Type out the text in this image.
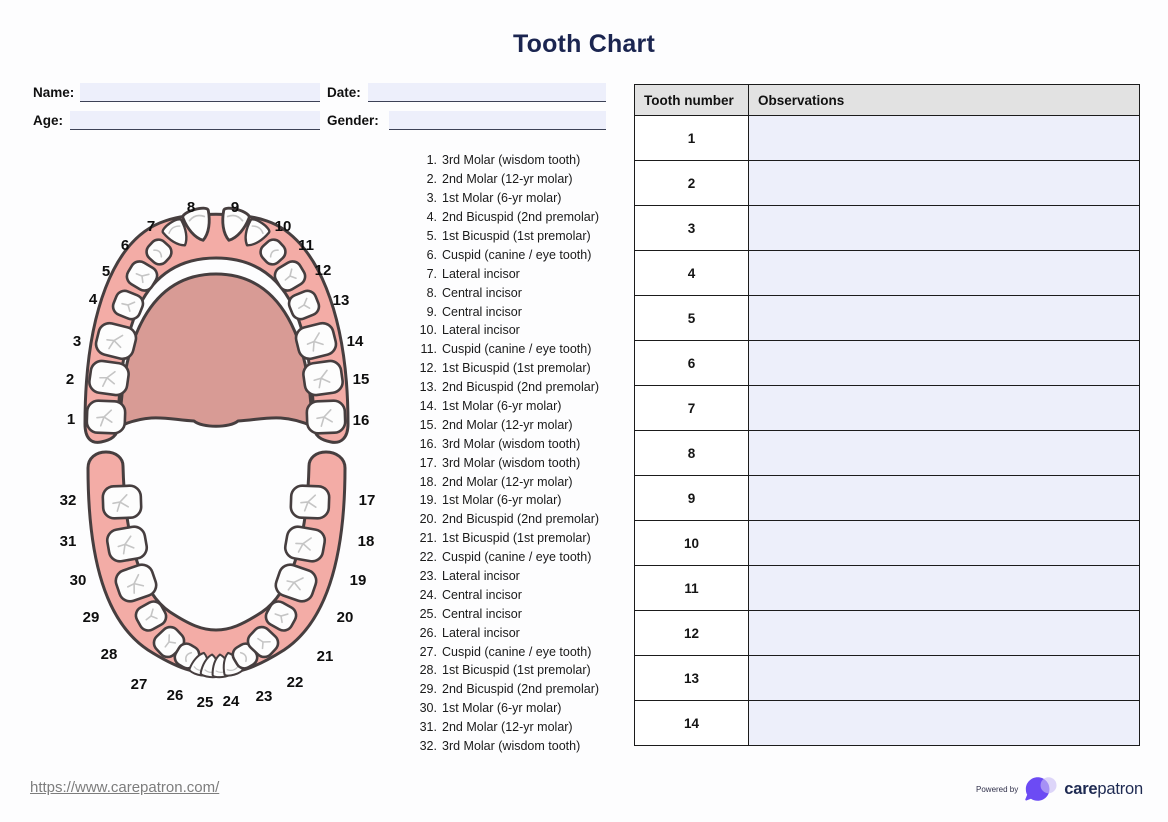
Tooth Chart
Name:	Date:
Age:	Gender:
1
2
3
4
5
6
7
8 9
10
11
12
13
14
15
16
17
18
19
20
21
22
23
24
25
26
27
28
29
30
31
32
1. 3rd Molar (wisdom tooth)
2. 2nd Molar (12-yr molar)
3. 1st Molar (6-yr molar)
4. 2nd Bicuspid (2nd premolar)
5. 1st Bicuspid (1st premolar)
6. Cuspid (canine / eye tooth)
7. Lateral incisor
8. Central incisor
9. Central incisor
10. Lateral incisor
11. Cuspid (canine / eye tooth)
12. 1st Bicuspid (1st premolar)
13. 2nd Bicuspid (2nd premolar)
14. 1st Molar (6-yr molar)
15. 2nd Molar (12-yr molar)
16. 3rd Molar (wisdom tooth)
17. 3rd Molar (wisdom tooth)
18. 2nd Molar (12-yr molar)
19. 1st Molar (6-yr molar)
20. 2nd Bicuspid (2nd premolar)
21. 1st Bicuspid (1st premolar)
22. Cuspid (canine / eye tooth)
23. Lateral incisor
24. Central incisor
25. Central incisor
26. Lateral incisor
27. Cuspid (canine / eye tooth)
28. 1st Bicuspid (1st premolar)
29. 2nd Bicuspid (2nd premolar)
30. 1st Molar (6-yr molar)
31. 2nd Molar (12-yr molar)
32. 3rd Molar (wisdom tooth)
Tooth number	Observations
1	
2	
3	
4	
5	
6	
7	
8	
9	
10	
11	
12	
13	
14	
https://www.carepatron.com/	Powered by	carepatron
